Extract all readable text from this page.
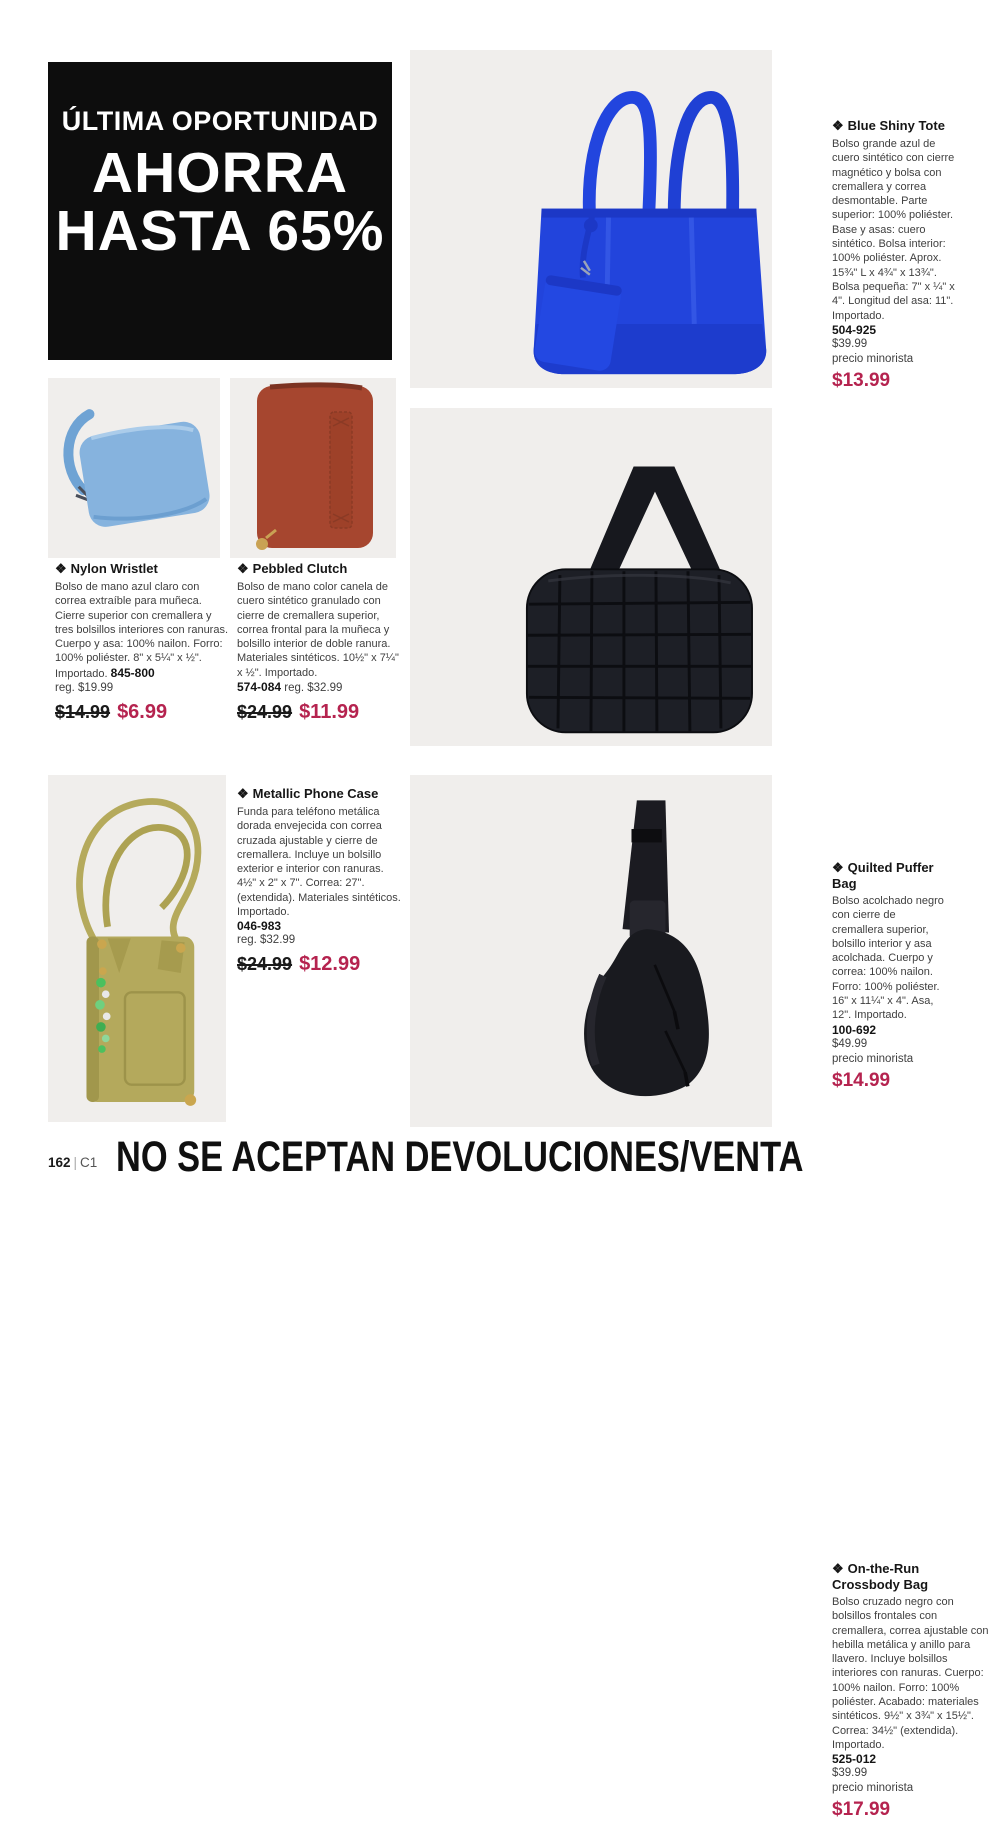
ÚLTIMA OPORTUNIDAD
AHORRA
HASTA 65%
❖ Blue Shiny Tote
Bolso grande azul de cuero sintético con cierre magnético y bolsa con cremallera y correa desmontable. Parte superior: 100% poliéster. Base y asas: cuero sintético. Bolsa interior: 100% poliéster. Aprox. 15¾" L x 4¾" x 13¾". Bolsa pequeña: 7" x ¼" x 4". Longitud del asa: 11". Importado.
504-925
$39.99
precio minorista
$13.99
❖ Nylon Wristlet
Bolso de mano azul claro con correa extraíble para muñeca. Cierre superior con cremallera y tres bolsillos interiores con ranuras. Cuerpo y asa: 100% nailon. Forro: 100% poliéster. 8" x 5¼" x ½". Importado. 845-800
reg. $19.99
$14.99 $6.99
❖ Pebbled Clutch
Bolso de mano color canela de cuero sintético granulado con cierre de cremallera superior, correa frontal para la muñeca y bolsillo interior de doble ranura. Materiales sintéticos. 10½" x 7¼" x ½". Importado.
574-084 reg. $32.99
$24.99 $11.99
❖ Quilted Puffer Bag
Bolso acolchado negro con cierre de cremallera superior, bolsillo interior y asa acolchada. Cuerpo y correa: 100% nailon. Forro: 100% poliéster. 16" x 11¼" x 4". Asa, 12". Importado.
100-692
$49.99
precio minorista
$14.99
❖ Metallic Phone Case
Funda para teléfono metálica dorada envejecida con correa cruzada ajustable y cierre de cremallera. Incluye un bolsillo exterior e interior con ranuras. 4½" x 2" x 7". Correa: 27". (extendida). Materiales sintéticos. Importado.
046-983
reg. $32.99
$24.99 $12.99
❖ On-the-Run Crossbody Bag
Bolso cruzado negro con bolsillos frontales con cremallera, correa ajustable con hebilla metálica y anillo para llavero. Incluye bolsillos interiores con ranuras. Cuerpo: 100% nailon. Forro: 100% poliéster. Acabado: materiales sintéticos. 9½" x 3¾" x 15½". Correa: 34½" (extendida). Importado.
525-012
$39.99
precio minorista
$17.99
162 | C1 NO SE ACEPTAN DEVOLUCIONES/VENTA
